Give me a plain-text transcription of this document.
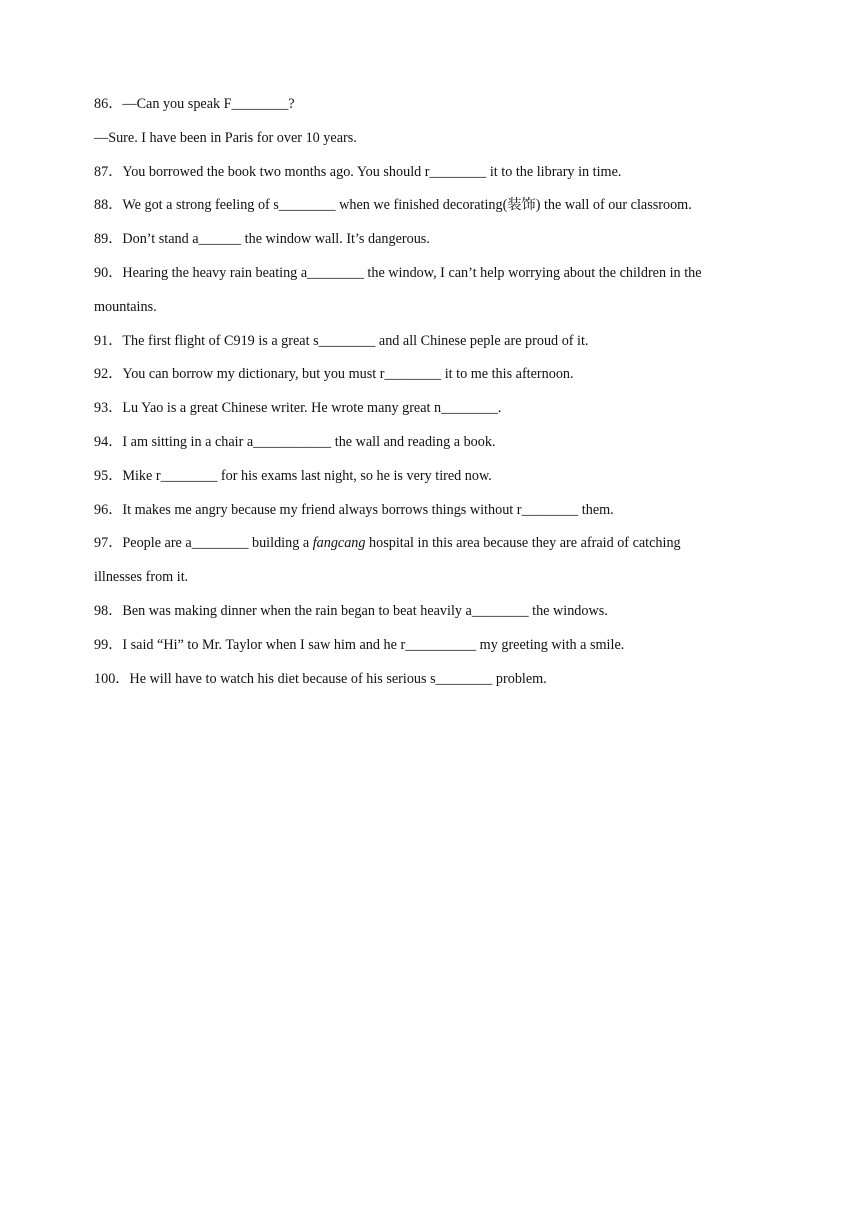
86．—Can you speak F________?

—Sure. I have been in Paris for over 10 years.

87．You borrowed the book two months ago. You should r________ it to the library in time.

88．We got a strong feeling of s________ when we finished decorating(装饰) the wall of our classroom.

89．Don’t stand a______ the window wall. It’s dangerous.

90．Hearing the heavy rain beating a________ the window, I can’t help worrying about the children in the

mountains.

91．The first flight of C919 is a great s________ and all Chinese peple are proud of it.

92．You can borrow my dictionary, but you must r________ it to me this afternoon.

93．Lu Yao is a great Chinese writer. He wrote many great n________.

94．I am sitting in a chair a___________ the wall and reading a book.

95．Mike r________ for his exams last night, so he is very tired now.

96．It makes me angry because my friend always borrows things without r________ them.

97．People are a________ building a fangcang hospital in this area because they are afraid of catching

illnesses from it.

98．Ben was making dinner when the rain began to beat heavily a________ the windows.

99．I said “Hi” to Mr. Taylor when I saw him and he r__________ my greeting with a smile.

100．He will have to watch his diet because of his serious s________ problem.
